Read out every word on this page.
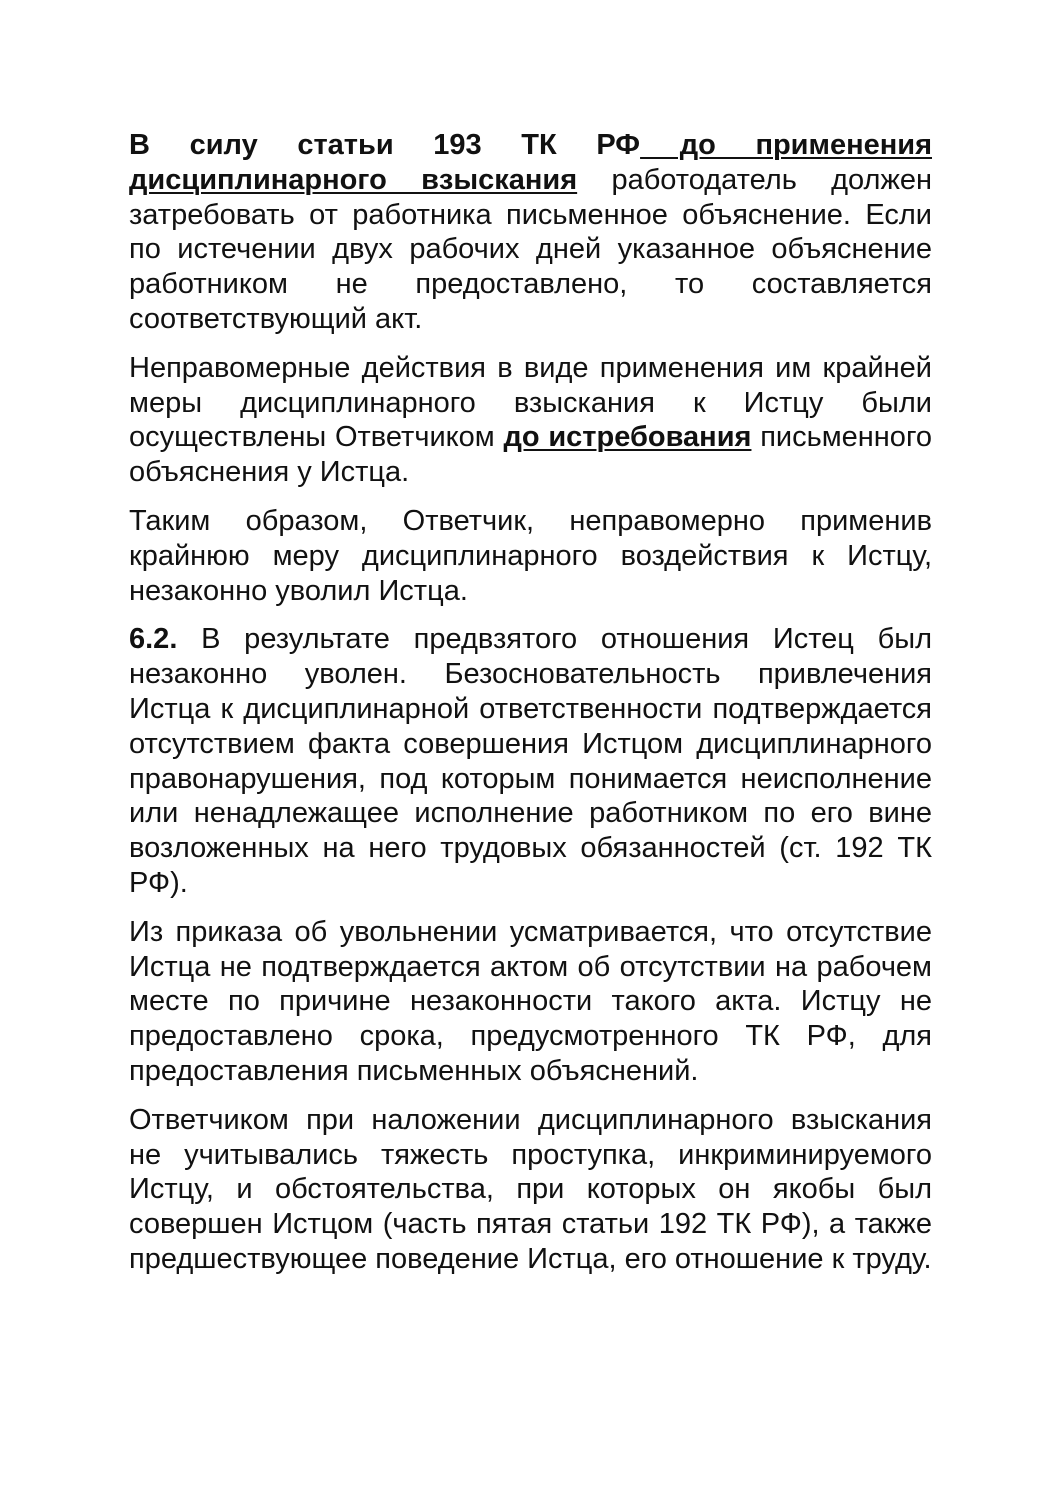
В силу статьи 193 ТК РФ до применения дисциплинарного взыскания работодатель должен затребовать от работника письменное объяснение. Если по истечении двух рабочих дней указанное объяснение работником не предоставлено, то составляется соответствующий акт.

Неправомерные действия в виде применения им крайней меры дисциплинарного взыскания к Истцу были осуществлены Ответчиком до истребования письменного объяснения у Истца.

Таким образом, Ответчик, неправомерно применив крайнюю меру дисциплинарного воздействия к Истцу, незаконно уволил Истца.

6.2. В результате предвзятого отношения Истец был незаконно уволен. Безосновательность привлечения Истца к дисциплинарной ответственности подтверждается отсутствием факта совершения Истцом дисциплинарного правонарушения, под которым понимается неисполнение или ненадлежащее исполнение работником по его вине возложенных на него трудовых обязанностей (ст. 192 ТК РФ).

Из приказа об увольнении усматривается, что отсутствие Истца не подтверждается актом об отсутствии на рабочем месте по причине незаконности такого акта. Истцу не предоставлено срока, предусмотренного ТК РФ, для предоставления письменных объяснений.

Ответчиком при наложении дисциплинарного взыскания не учитывались тяжесть проступка, инкриминируемого Истцу, и обстоятельства, при которых он якобы был совершен Истцом (часть пятая статьи 192 ТК РФ), а также предшествующее поведение Истца, его отношение к труду.
